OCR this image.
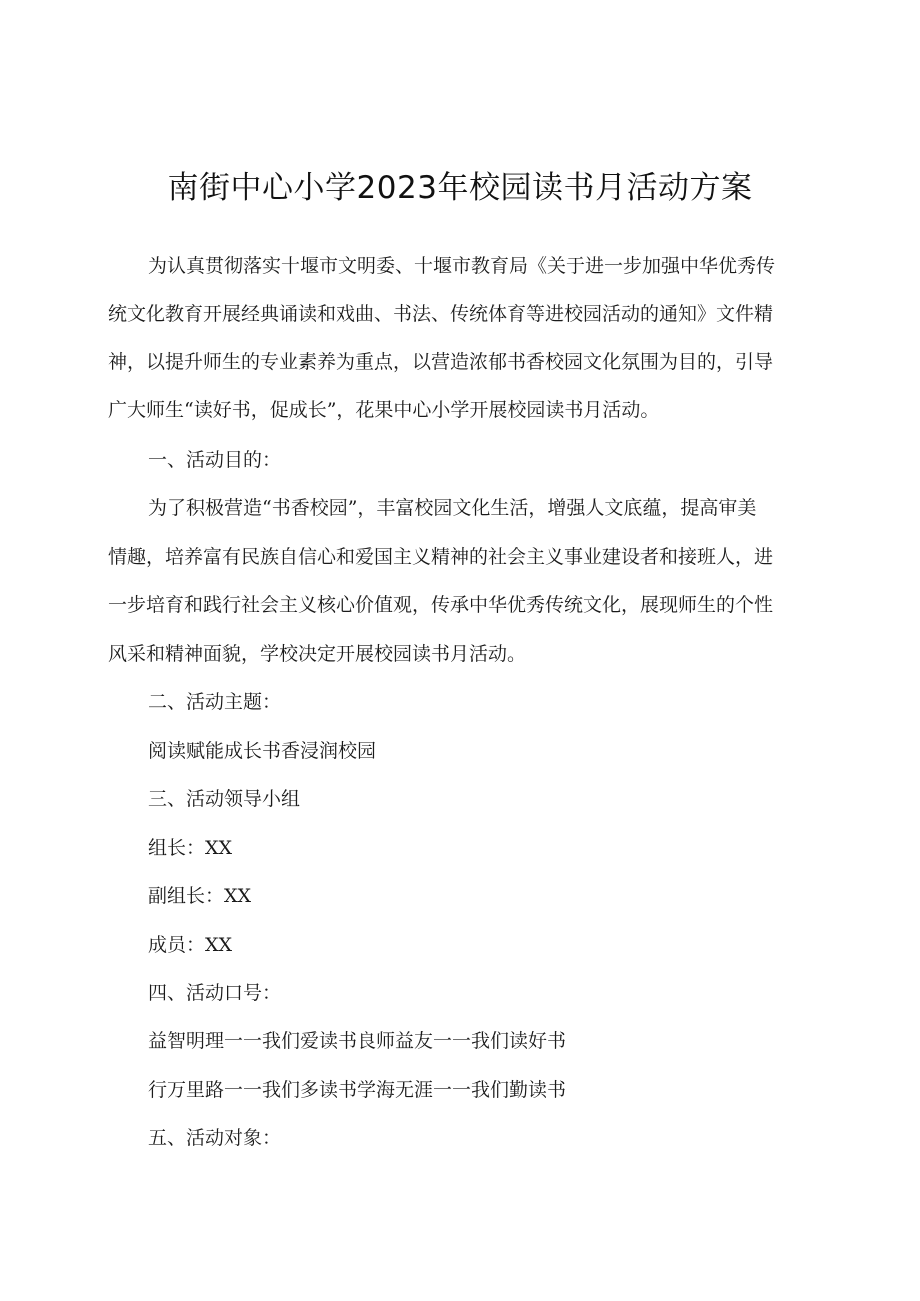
南街中心小学2023年校园读书月活动方案
为认真贯彻落实十堰市文明委、十堰市教育局《关于进一步加强中华优秀传
统文化教育开展经典诵读和戏曲、书法、传统体育等进校园活动的通知》文件精
神，以提升师生的专业素养为重点，以营造浓郁书香校园文化氛围为目的，引导
广大师生“读好书，促成长”，花果中心小学开展校园读书月活动。
一、活动目的：
为了积极营造“书香校园”，丰富校园文化生活，增强人文底蕴，提高审美
情趣，培养富有民族自信心和爱国主义精神的社会主义事业建设者和接班人，进
一步培育和践行社会主义核心价值观，传承中华优秀传统文化，展现师生的个性
风采和精神面貌，学校决定开展校园读书月活动。
二、活动主题：
阅读赋能成长书香浸润校园
三、活动领导小组
组长：XX
副组长：XX
成员：XX
四、活动口号：
益智明理一一我们爱读书良师益友一一我们读好书
行万里路一一我们多读书学海无涯一一我们勤读书
五、活动对象：
